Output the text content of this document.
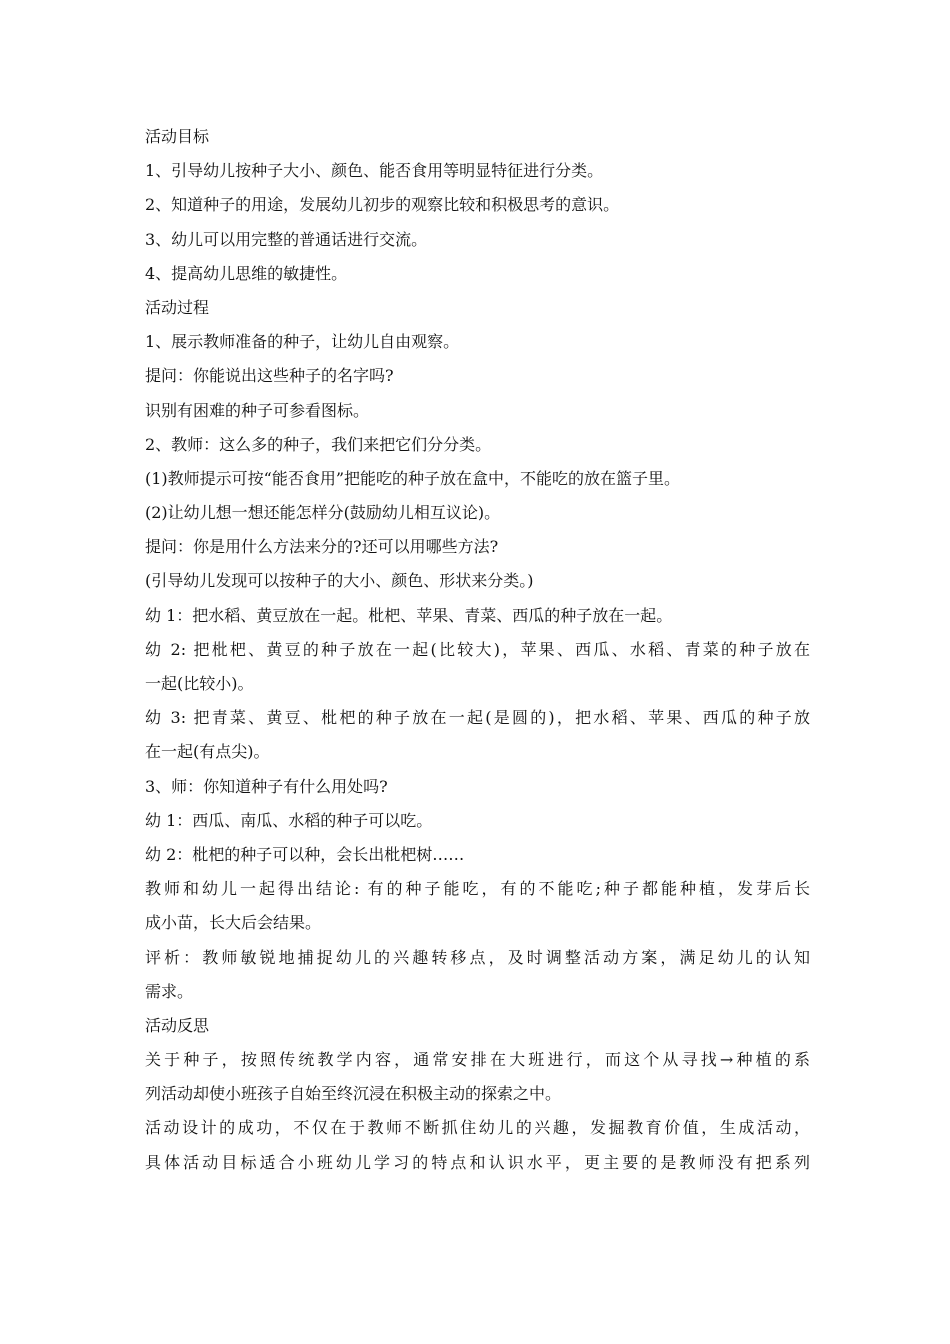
活动目标
1、引导幼儿按种子大小、颜色、能否食用等明显特征进行分类。
2、知道种子的用途，发展幼儿初步的观察比较和积极思考的意识。
3、幼儿可以用完整的普通话进行交流。
4、提高幼儿思维的敏捷性。
活动过程
1、展示教师准备的种子，让幼儿自由观察。
提问：你能说出这些种子的名字吗?
识别有困难的种子可参看图标。
2、教师：这么多的种子，我们来把它们分分类。
(1)教师提示可按“能否食用”把能吃的种子放在盒中，不能吃的放在篮子里。
(2)让幼儿想一想还能怎样分(鼓励幼儿相互议论)。
提问：你是用什么方法来分的?还可以用哪些方法?
(引导幼儿发现可以按种子的大小、颜色、形状来分类。)
幼 1：把水稻、黄豆放在一起。枇杷、苹果、青菜、西瓜的种子放在一起。
幼 2: 把枇杷、黄豆的种子放在一起(比较大)，苹果、西瓜、水稻、青菜的种子放在
一起(比较小)。
幼 3: 把青菜、黄豆、枇杷的种子放在一起(是圆的)，把水稻、苹果、西瓜的种子放
在一起(有点尖)。
3、师：你知道种子有什么用处吗?
幼 1：西瓜、南瓜、水稻的种子可以吃。
幼 2：枇杷的种子可以种，会长出枇杷树……
教师和幼儿一起得出结论: 有的种子能吃，有的不能吃;种子都能种植，发芽后长
成小苗，长大后会结果。
评析：教师敏锐地捕捉幼儿的兴趣转移点，及时调整活动方案，满足幼儿的认知
需求。
活动反思
关于种子，按照传统教学内容，通常安排在大班进行，而这个从寻找→种植的系
列活动却使小班孩子自始至终沉浸在积极主动的探索之中。
活动设计的成功，不仅在于教师不断抓住幼儿的兴趣，发掘教育价值，生成活动，
具体活动目标适合小班幼儿学习的特点和认识水平，更主要的是教师没有把系列
